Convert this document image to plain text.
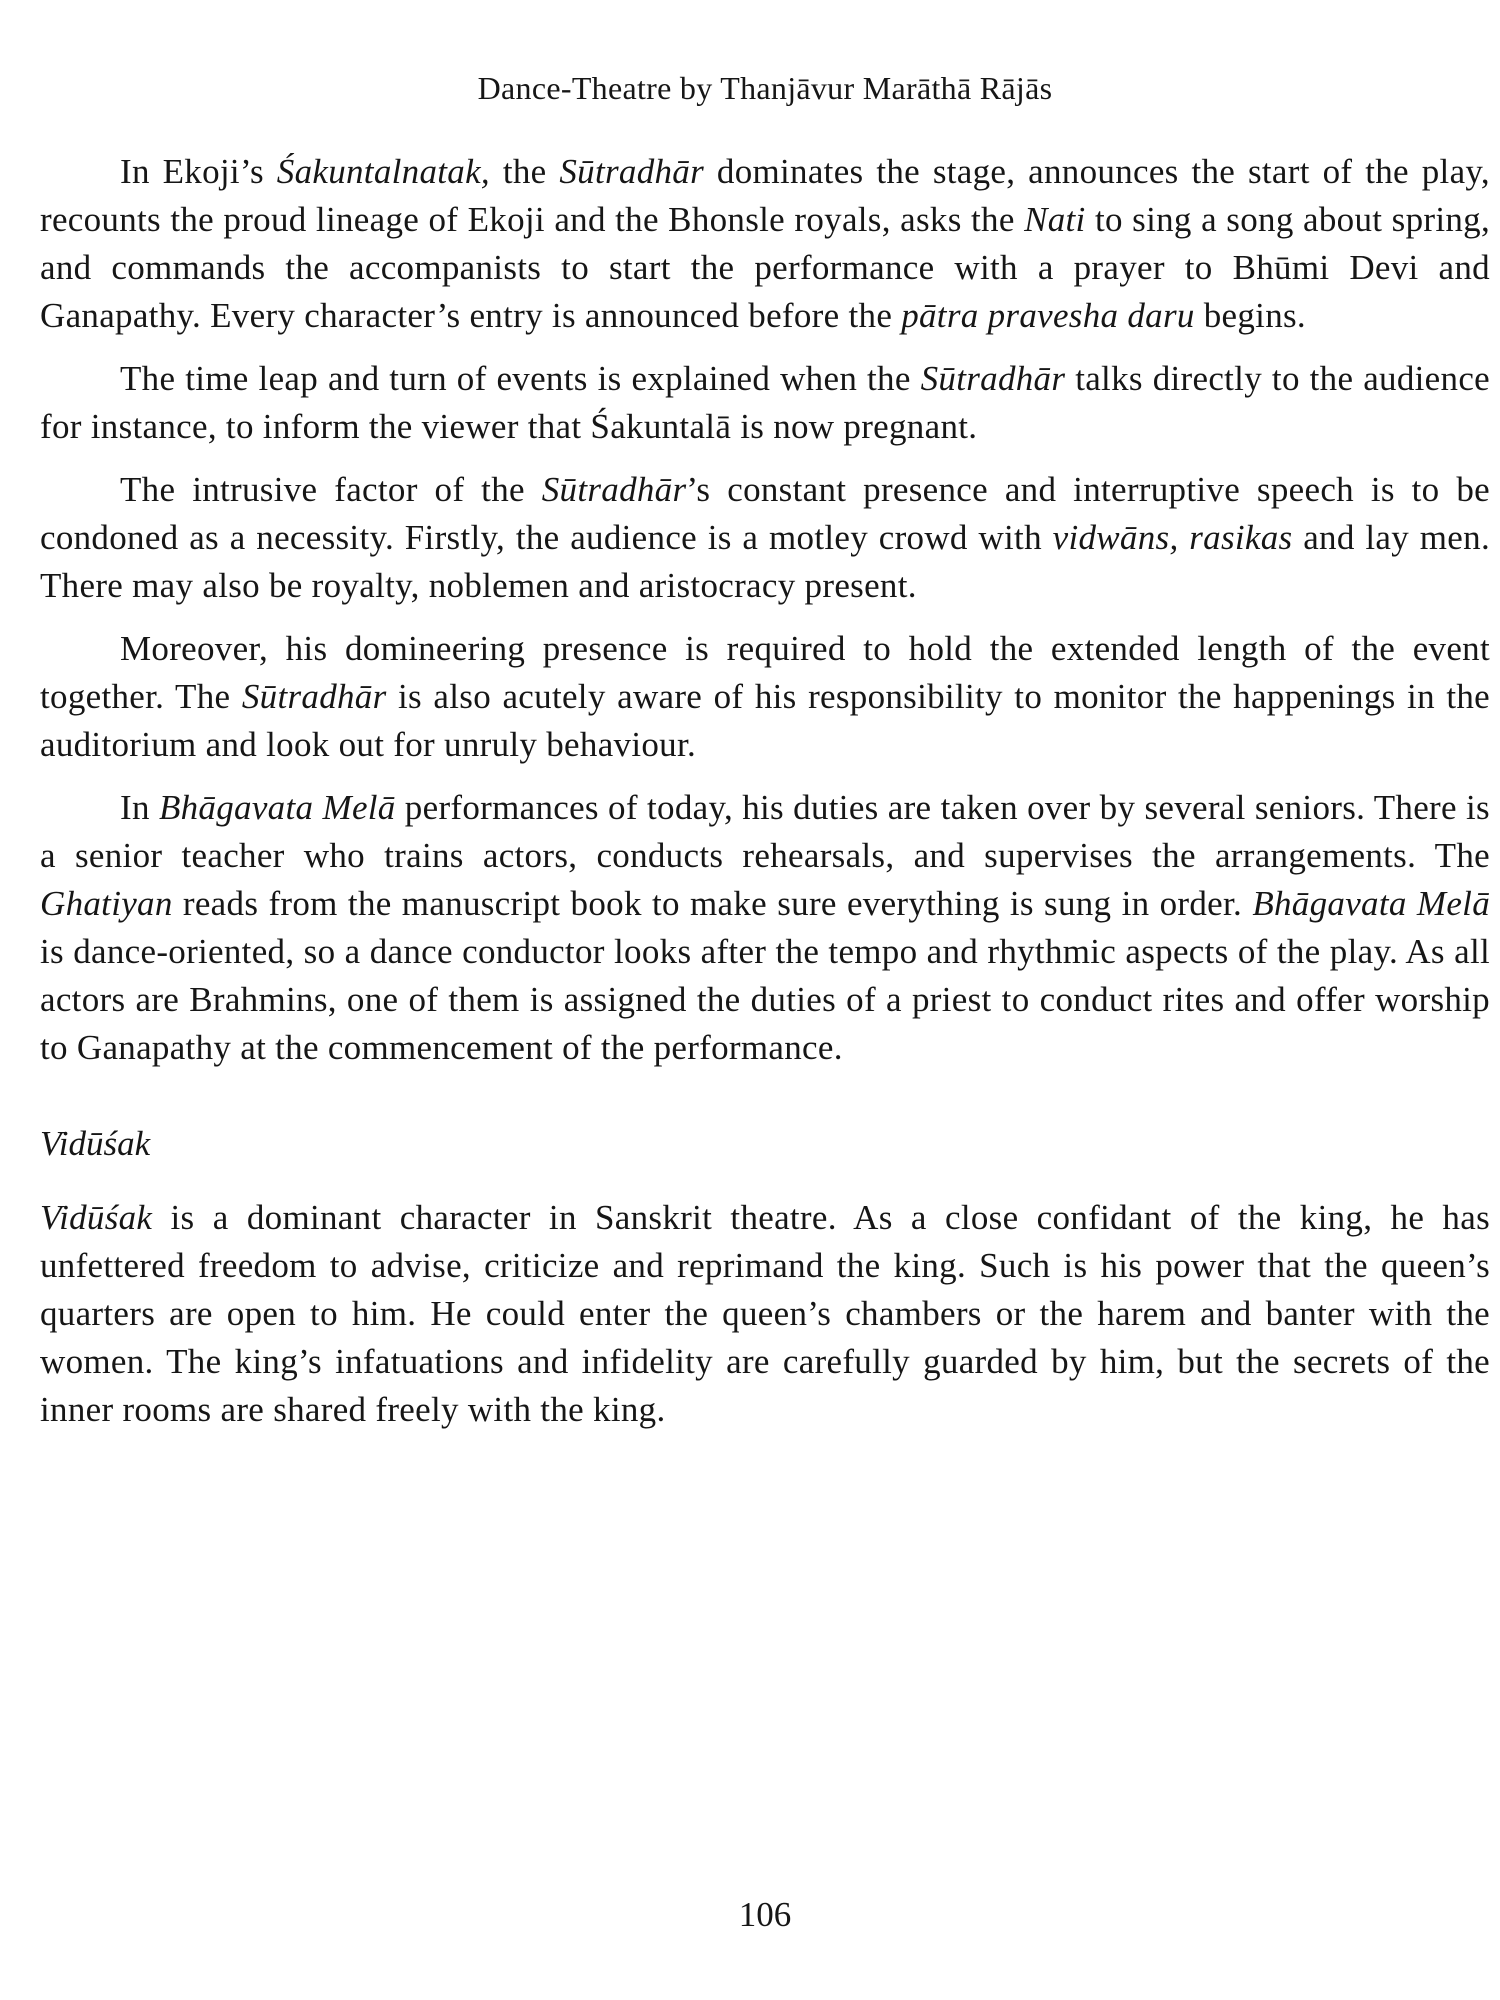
Dance-Theatre by Thanjāvur Marāthā Rājās

In Ekoji’s Śakuntalnatak, the Sūtradhār dominates the stage, announces the start of the play, recounts the proud lineage of Ekoji and the Bhonsle royals, asks the Nati to sing a song about spring, and commands the accompanists to start the performance with a prayer to Bhūmi Devi and Ganapathy. Every character’s entry is announced before the pātra pravesha daru begins.

The time leap and turn of events is explained when the Sūtradhār talks directly to the audience for instance, to inform the viewer that Śakuntalā is now pregnant.

The intrusive factor of the Sūtradhār’s constant presence and interruptive speech is to be condoned as a necessity. Firstly, the audience is a motley crowd with vidwāns, rasikas and lay men. There may also be royalty, noblemen and aristocracy present.

Moreover, his domineering presence is required to hold the extended length of the event together. The Sūtradhār is also acutely aware of his responsibility to monitor the happenings in the auditorium and look out for unruly behaviour.

In Bhāgavata Melā performances of today, his duties are taken over by several seniors. There is a senior teacher who trains actors, conducts rehearsals, and supervises the arrangements. The Ghatiyan reads from the manuscript book to make sure everything is sung in order. Bhāgavata Melā is dance-oriented, so a dance conductor looks after the tempo and rhythmic aspects of the play. As all actors are Brahmins, one of them is assigned the duties of a priest to conduct rites and offer worship to Ganapathy at the commencement of the performance.

Vidūśak

Vidūśak is a dominant character in Sanskrit theatre. As a close confidant of the king, he has unfettered freedom to advise, criticize and reprimand the king. Such is his power that the queen’s quarters are open to him. He could enter the queen’s chambers or the harem and banter with the women. The king’s infatuations and infidelity are carefully guarded by him, but the secrets of the inner rooms are shared freely with the king.

106
